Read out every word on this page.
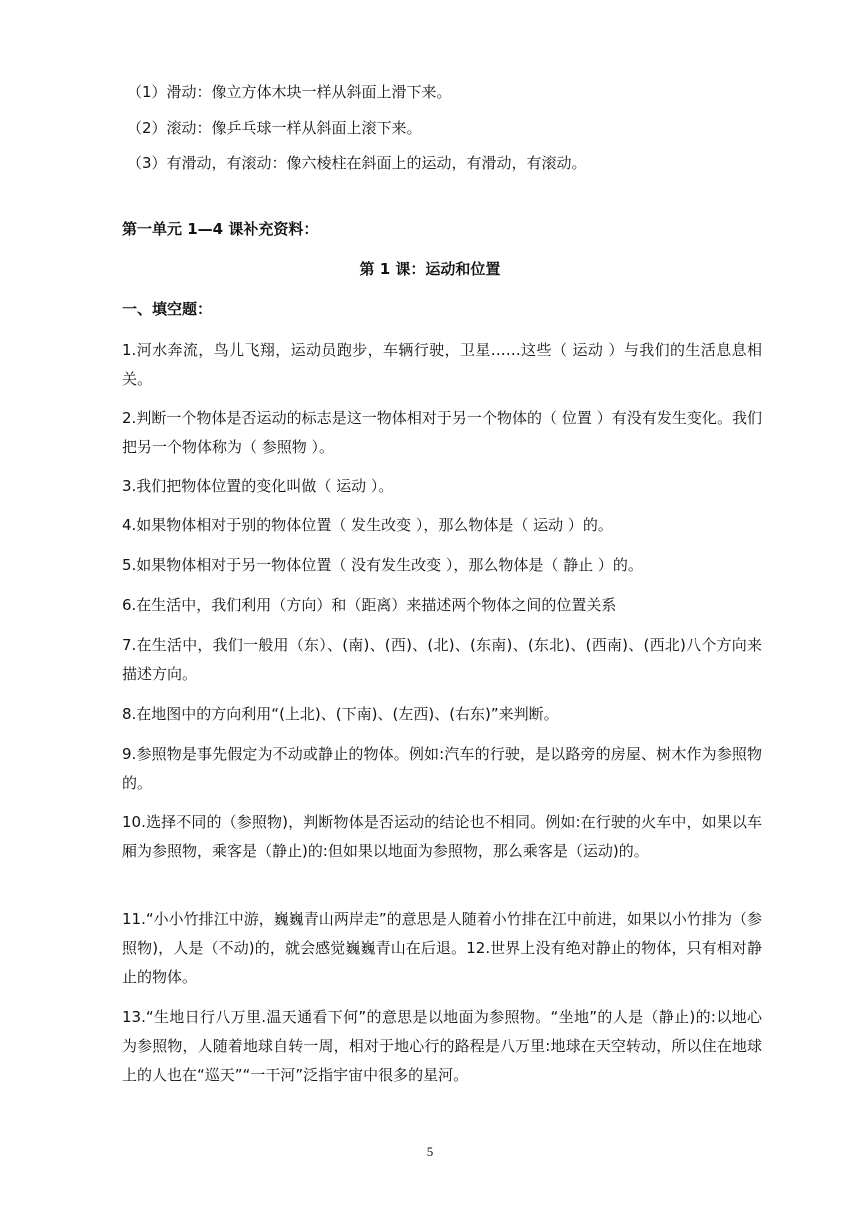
（1）滑动：像立方体木块一样从斜面上滑下来。
（2）滚动：像乒乓球一样从斜面上滚下来。
（3）有滑动，有滚动：像六棱柱在斜面上的运动，有滑动，有滚动。
第一单元 1—4 课补充资料：
第 1 课：运动和位置
一、填空题：
1.河水奔流，鸟儿飞翔，运动员跑步，车辆行驶，卫星……这些（ 运动 ）与我们的生活息息相关。
2.判断一个物体是否运动的标志是这一物体相对于另一个物体的（ 位置 ）有没有发生变化。我们把另一个物体称为（ 参照物 ）。
3.我们把物体位置的变化叫做（ 运动 ）。
4.如果物体相对于别的物体位置（ 发生改变 ），那么物体是（ 运动 ）的。
5.如果物体相对于另一物体位置（ 没有发生改变 ），那么物体是（ 静止 ）的。
6.在生活中，我们利用（方向）和（距离）来描述两个物体之间的位置关系
7.在生活中，我们一般用（东）、(南)、(西)、(北)、(东南)、(东北)、(西南)、(西北)八个方向来描述方向。
8.在地图中的方向利用“(上北)、(下南)、(左西)、(右东)”来判断。
9.参照物是事先假定为不动或静止的物体。例如:汽车的行驶，是以路旁的房屋、树木作为参照物的。
10.选择不同的（参照物)，判断物体是否运动的结论也不相同。例如:在行驶的火车中，如果以车厢为参照物，乘客是（静止)的:但如果以地面为参照物，那么乘客是（运动)的。
11.“小小竹排江中游，巍巍青山两岸走”的意思是人随着小竹排在江中前进，如果以小竹排为（参照物)，人是（不动)的，就会感觉巍巍青山在后退。12.世界上没有绝对静止的物体，只有相对静止的物体。
13.“生地日行八万里.温天通看下何”的意思是以地面为参照物。“坐地”的人是（静止)的:以地心为参照物，人随着地球自转一周，相对于地心行的路程是八万里:地球在天空转动，所以住在地球上的人也在“巡天”“一干河”泛指宇宙中很多的星河。
5
